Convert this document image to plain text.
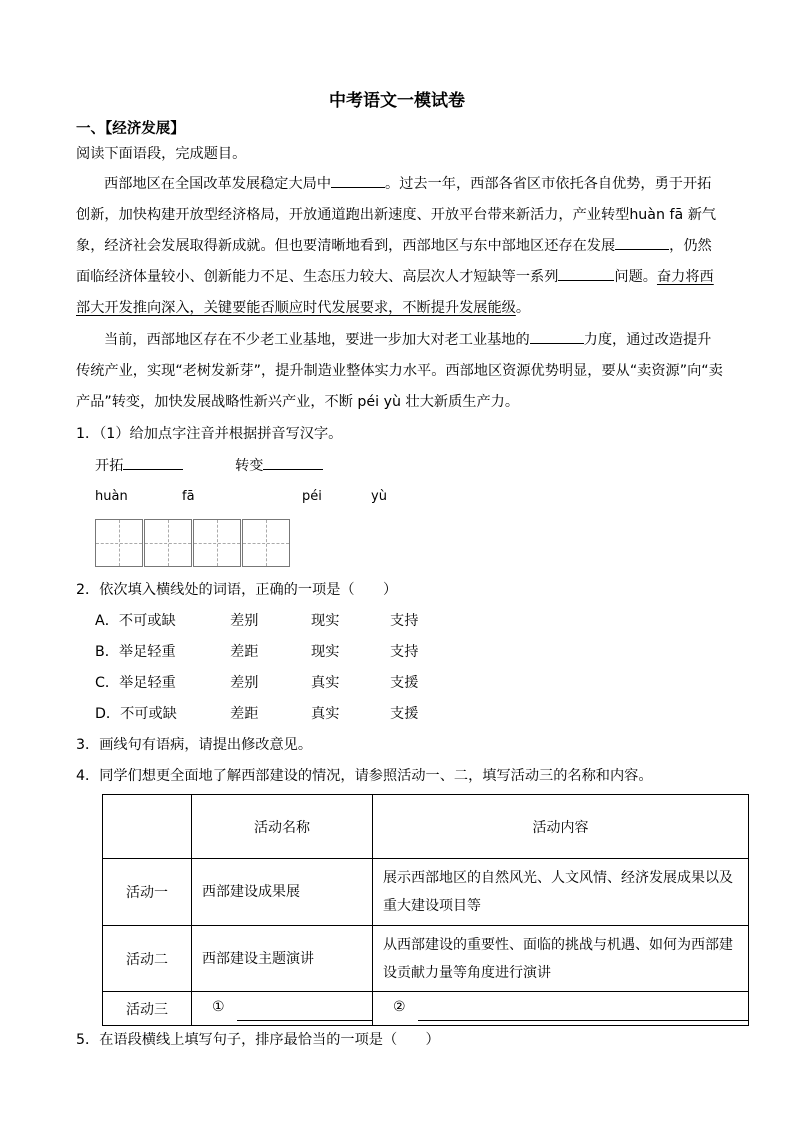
中考语文一模试卷
一、【经济发展】
阅读下面语段，完成题目。
西部地区在全国改革发展稳定大局中	。过去一年，西部各省区市依托各自优势，勇于开拓
创新，加快构建开放型经济格局，开放通道跑出新速度、开放平台带来新活力，产业转型huàn fā 新气
象，经济社会发展取得新成就。但也要清晰地看到，西部地区与东中部地区还存在发展	，仍然
面临经济体量较小、创新能力不足、生态压力较大、高层次人才短缺等一系列	问题。奋力将西
部大开发推向深入，关键要能否顺应时代发展要求，不断提升发展能级。
当前，西部地区存在不少老工业基地，要进一步加大对老工业基地的	力度，通过改造提升
传统产业，实现“老树发新芽”，提升制造业整体实力水平。西部地区资源优势明显，要从“卖资源”向“卖
产品”转变，加快发展战略性新兴产业，不断 péi yù 壮大新质生产力。
1．（1）给加点字注音并根据拼音写汉字。
开拓	转变
huàn	fā	péi	yù
2．依次填入横线处的词语，正确的一项是（　　）
A．不可或缺	差别	现实	支持
B．举足轻重	差距	现实	支持
C．举足轻重	差别	真实	支援
D．不可或缺	差距	真实	支援
3．画线句有语病，请提出修改意见。
4．同学们想更全面地了解西部建设的情况，请参照活动一、二，填写活动三的名称和内容。
	活动名称	活动内容
活动一	西部建设成果展	展示西部地区的自然风光、人文风情、经济发展成果以及重大建设项目等

活动二	西部建设主题演讲	从西部建设的重要性、面临的挑战与机遇、如何为西部建设贡献力量等角度进行演讲

活动三	①	②
5．在语段横线上填写句子，排序最恰当的一项是（　　）
